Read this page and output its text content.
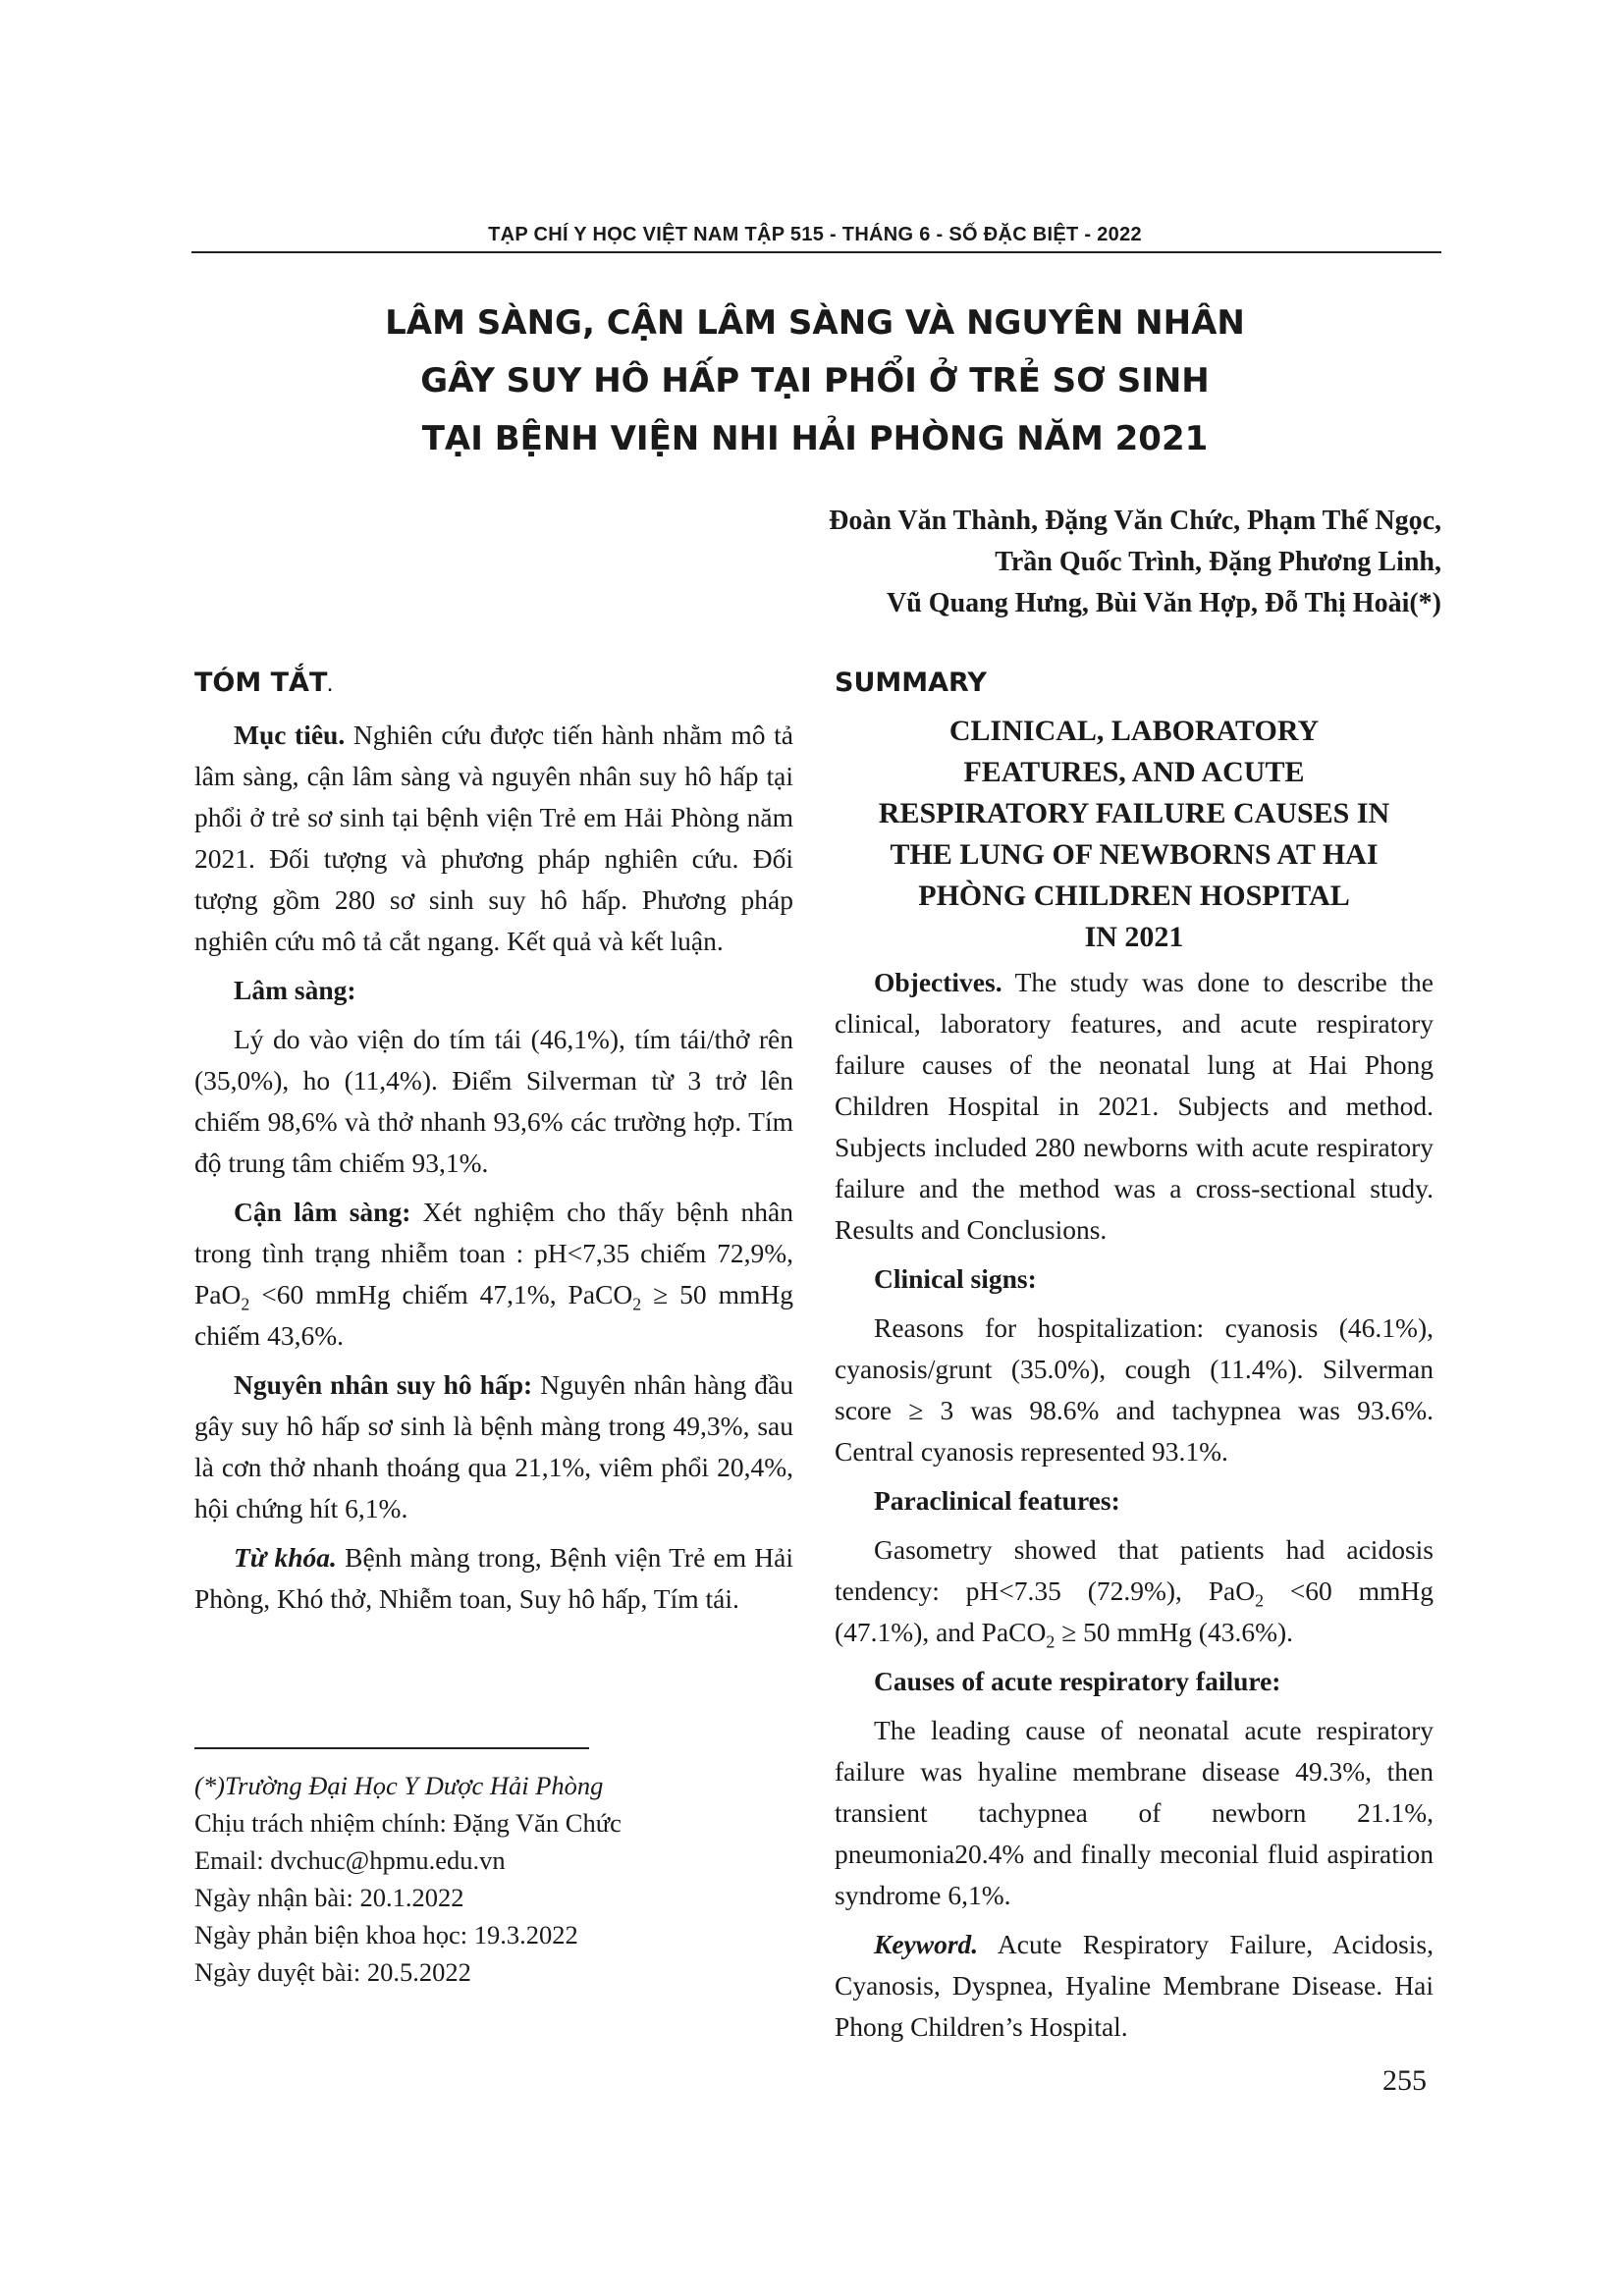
TẠP CHÍ Y HỌC VIỆT NAM TẬP 515 - THÁNG 6 - SỐ ĐẶC BIỆT - 2022
LÂM SÀNG, CẬN LÂM SÀNG VÀ NGUYÊN NHÂN
GÂY SUY HÔ HẤP TẠI PHỔI Ở TRẺ SƠ SINH
TẠI BỆNH VIỆN NHI HẢI PHÒNG NĂM 2021
Đoàn Văn Thành, Đặng Văn Chức, Phạm Thế Ngọc,
Trần Quốc Trình, Đặng Phương Linh,
Vũ Quang Hưng, Bùi Văn Hợp, Đỗ Thị Hoài(*)
TÓM TẮT.

Mục tiêu. Nghiên cứu được tiến hành nhằm mô tả lâm sàng, cận lâm sàng và nguyên nhân suy hô hấp tại phổi ở trẻ sơ sinh tại bệnh viện Trẻ em Hải Phòng năm 2021. Đối tượng và phương pháp nghiên cứu. Đối tượng gồm 280 sơ sinh suy hô hấp. Phương pháp nghiên cứu mô tả cắt ngang. Kết quả và kết luận.

Lâm sàng:

Lý do vào viện do tím tái (46,1%), tím tái/thở rên (35,0%), ho (11,4%). Điểm Silverman từ 3 trở lên chiếm 98,6% và thở nhanh 93,6% các trường hợp. Tím độ trung tâm chiếm 93,1%.

Cận lâm sàng: Xét nghiệm cho thấy bệnh nhân trong tình trạng nhiễm toan : pH<7,35 chiếm 72,9%, PaO$_2$ <60 mmHg chiếm 47,1%, PaCO$_2$ ≥ 50 mmHg chiếm 43,6%.

Nguyên nhân suy hô hấp: Nguyên nhân hàng đầu gây suy hô hấp sơ sinh là bệnh màng trong 49,3%, sau là cơn thở nhanh thoáng qua 21,1%, viêm phổi 20,4%, hội chứng hít 6,1%.

Từ khóa. Bệnh màng trong, Bệnh viện Trẻ em Hải Phòng, Khó thở, Nhiễm toan, Suy hô hấp, Tím tái.

(*)Trường Đại Học Y Dược Hải Phòng
Chịu trách nhiệm chính: Đặng Văn Chức
Email: dvchuc@hpmu.edu.vn
Ngày nhận bài: 20.1.2022
Ngày phản biện khoa học: 19.3.2022
Ngày duyệt bài: 20.5.2022
SUMMARY
CLINICAL, LABORATORY
FEATURES, AND ACUTE
RESPIRATORY FAILURE CAUSES IN
THE LUNG OF NEWBORNS AT HAI
PHÒNG CHILDREN HOSPITAL
IN 2021

Objectives. The study was done to describe the clinical, laboratory features, and acute respiratory failure causes of the neonatal lung at Hai Phong Children Hospital in 2021. Subjects and method. Subjects included 280 newborns with acute respiratory failure and the method was a cross-sectional study. Results and Conclusions.

Clinical signs:

Reasons for hospitalization: cyanosis (46.1%), cyanosis/grunt (35.0%), cough (11.4%). Silverman score ≥ 3 was 98.6% and tachypnea was 93.6%. Central cyanosis represented 93.1%.

Paraclinical features:

Gasometry showed that patients had acidosis tendency: pH<7.35 (72.9%), PaO$_2$ <60 mmHg (47.1%), and PaCO$_2$ ≥ 50 mmHg (43.6%).

Causes of acute respiratory failure:

The leading cause of neonatal acute respiratory failure was hyaline membrane disease 49.3%, then transient tachypnea of newborn 21.1%, pneumonia20.4% and finally meconial fluid aspiration syndrome 6,1%.

Keyword. Acute Respiratory Failure, Acidosis, Cyanosis, Dyspnea, Hyaline Membrane Disease. Hai Phong Children’s Hospital.

255
